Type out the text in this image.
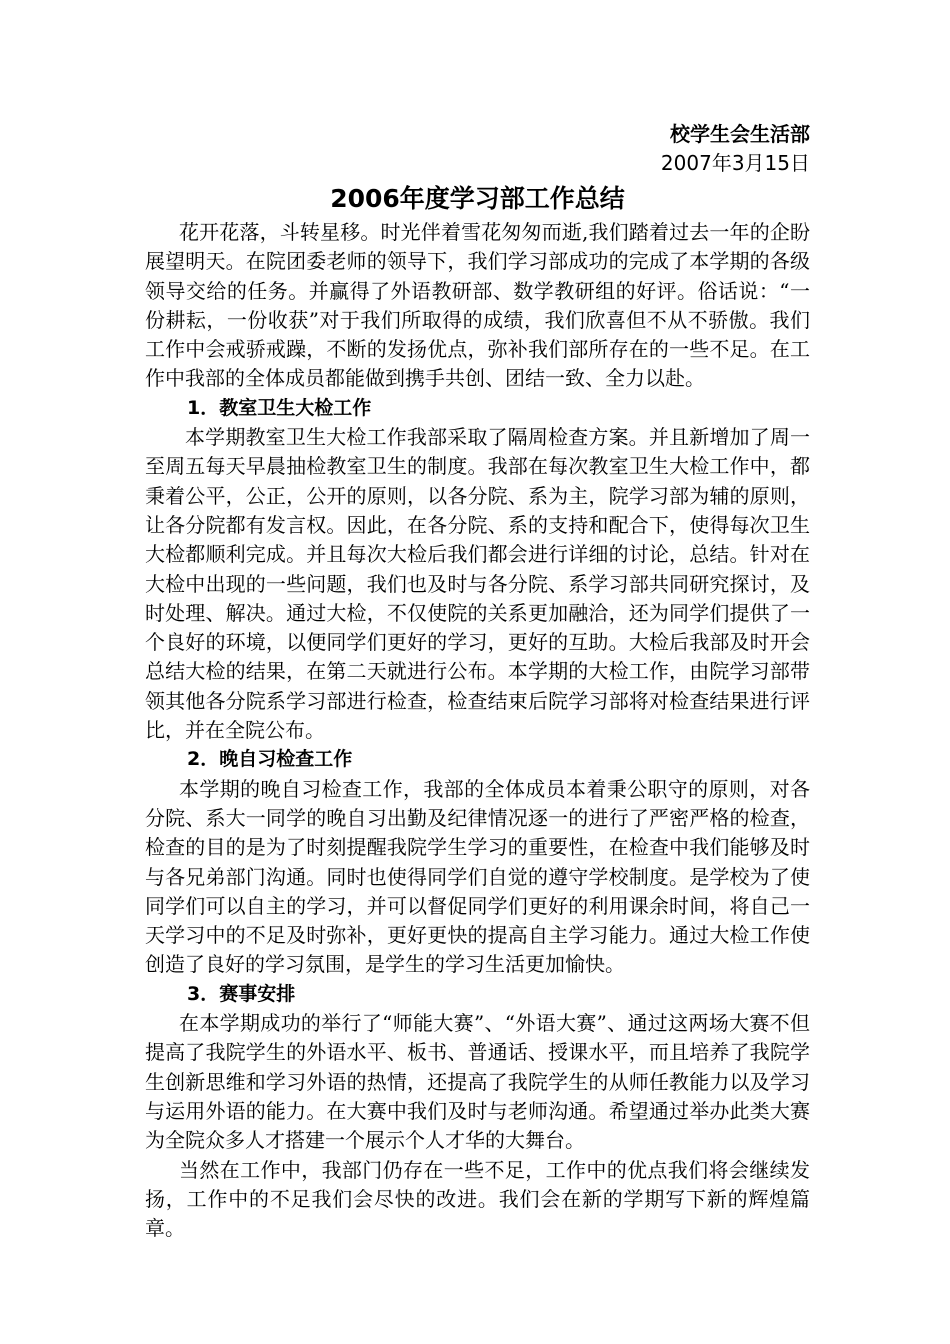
校学生会生活部
2007年3月15日
2006年度学习部工作总结

花开花落，斗转星移。时光伴着雪花匆匆而逝,我们踏着过去一年的企盼展望明天。在院团委老师的领导下，我们学习部成功的完成了本学期的各级领导交给的任务。并赢得了外语教研部、数学教研组的好评。俗话说：“一份耕耘，一份收获”对于我们所取得的成绩，我们欣喜但不从不骄傲。我们工作中会戒骄戒躁，不断的发扬优点，弥补我们部所存在的一些不足。在工作中我部的全体成员都能做到携手共创、团结一致、全力以赴。

1．教室卫生大检工作

本学期教室卫生大检工作我部采取了隔周检查方案。并且新增加了周一至周五每天早晨抽检教室卫生的制度。我部在每次教室卫生大检工作中，都秉着公平，公正，公开的原则，以各分院、系为主，院学习部为辅的原则，让各分院都有发言权。因此，在各分院、系的支持和配合下，使得每次卫生大检都顺利完成。并且每次大检后我们都会进行详细的讨论，总结。针对在大检中出现的一些问题，我们也及时与各分院、系学习部共同研究探讨，及时处理、解决。通过大检，不仅使院的关系更加融洽，还为同学们提供了一个良好的环境，以便同学们更好的学习，更好的互助。大检后我部及时开会总结大检的结果，在第二天就进行公布。本学期的大检工作，由院学习部带领其他各分院系学习部进行检查，检查结束后院学习部将对检查结果进行评比，并在全院公布。

2．晚自习检查工作

本学期的晚自习检查工作，我部的全体成员本着秉公职守的原则，对各分院、系大一同学的晚自习出勤及纪律情况逐一的进行了严密严格的检查，检查的目的是为了时刻提醒我院学生学习的重要性，在检查中我们能够及时与各兄弟部门沟通。同时也使得同学们自觉的遵守学校制度。是学校为了使同学们可以自主的学习，并可以督促同学们更好的利用课余时间，将自己一天学习中的不足及时弥补，更好更快的提高自主学习能力。通过大检工作使创造了良好的学习氛围，是学生的学习生活更加愉快。

3．赛事安排

在本学期成功的举行了“师能大赛”、“外语大赛”、通过这两场大赛不但提高了我院学生的外语水平、板书、普通话、授课水平，而且培养了我院学生创新思维和学习外语的热情，还提高了我院学生的从师任教能力以及学习与运用外语的能力。在大赛中我们及时与老师沟通。希望通过举办此类大赛为全院众多人才搭建一个展示个人才华的大舞台。

当然在工作中，我部门仍存在一些不足，工作中的优点我们将会继续发扬，工作中的不足我们会尽快的改进。我们会在新的学期写下新的辉煌篇章。
